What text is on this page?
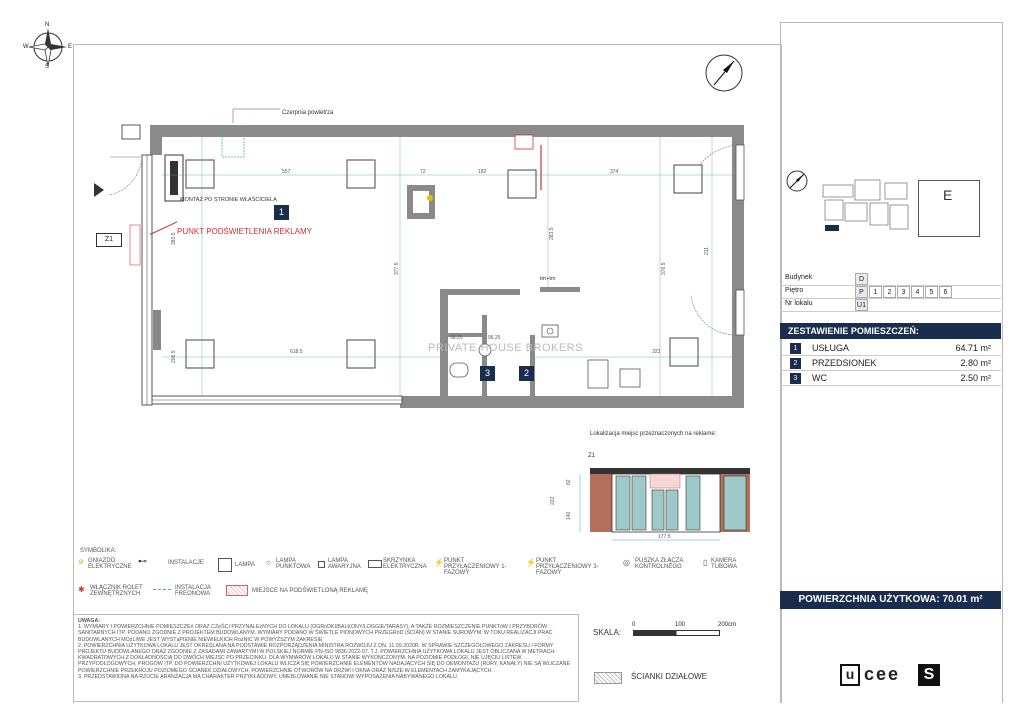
N
S
W	E
557	72	182	374
618.5	323
58.25	96.25
383.5	283.5
377.5	376.5
206.5
211
Czerpnia powietrza
MONTAŻ PO STRONIE WŁAŚCICIELA
PUNKT PODŚWIETLENIA REKLAMY
PRIVATE HOUSE BROKERS
Z1
1
3	2
tm+tm
Lokalizacja miejsc przeznaczonych na reklame:
Z1
177.5
222
82
140
SYMBOLIKA:
⊘ GNIAZDO ELEKTRYCZNE
⊷	INSTALACJE	LAMPA ○ LAMPA PUNKTOWA
LAMPA AWARYJNA
SKRZYNKA ELEKTRYCZNA ⚡ PUNKT PRZYŁĄCZENIOWY 1-FAZOWY
⚡ PUNKT PRZYŁĄCZENIOWY 3-FAZOWY
◎ PUSZKA ZŁĄCZA KONTROLNEGO	▯ KAMERA TUBOWA
✱ WŁĄCZNIK ROLET ZEWNĘTRZNYCH
INSTALACJA FREONOWA	MIEJSCE NA PODŚWIETLONĄ REKLAMĘ
UWAGA:
1. WYMIARY I POWIERZCHNIE POMIESZCZEń ORAZ CZęŚCI PRZYNALEżNYCH DO LOKALU (OGRóDKI/BALKONY/LOGGIE/TARASY), A TAKŻE ROZMIESZCZENIE PUNKTóW I PRZYBORÓW SANITARNYCH ITP. PODANO ZGODNIE Z PROJEKTEM BUDOWLANYM. WYMIARY PODANO W ŚWIETLE PIONOWYCH PRZEGRóD (ŚCIAN) W STANIE SUROWYM. W TOKU REALIZACJI PRAC BUDOWLANYCH MOżLIWE JEST WYSTąPIENIE NIEWIELKICH RóżNIC W POWYŻSZYM ZAKRESIE
2. POWIERZCHNIA UŻYTKOWA LOKALU JEST OKREŚLANA NA PODSTAWIE ROZPORZĄDZENIA MINISTRA ROZWOJU Z DN. 11.09.2020R. W SPRAWIE SZCZEGÓŁOWEGO ZAKRESU I FORMY PROJEKTU BUDOWLANEGO ORAZ ZGODNIE Z ZASADAMI ZAWARTYMI W POLSKIEJ NORMIE PN-ISO 9836:2022-07. T.J. POWIERZCHNIA UŻYTKOWA LOKALU JEST OBLICZANA W METRACH KWADRATOWYCH Z DOKŁADNOŚCIĄ DO DWÓCH MIEJSC PO PRZECINKU, DLA WYMIARÓW LOKALU W STANIE WYKOŃCZONYM, NA POZIOMIE PODŁOGI, NIE UJĘCIU LISTEW PRZYPODŁOGOWYCH, PROGÓW ITP. DO POWIERZCHNI UŻYTKOWEJ LOKALU WLICZA SIĘ POWIERZCHNIE ELEMENTÓW NADAJĄCYCH SIĘ DO DEMONTAŻU (RURY, KANAŁY) NIE SĄ WLICZANE POWIERZCHNIE PRZEKROJU POZIOMEGO ŚCIANEK DZIAŁOWYCH, POWIERZCHNIE OTWORÓW NA DRZWI I OKNA ORAZ NISZE W ELEMENTACH ZAMYKAJĄCYCH.
3. PRZEDSTAWIONA NA RZUCIE ARANŻACJA MA CHARAKTER PRZYKŁADOWY, UMEBLOWANIE NIE STANOWI WYPOSAŻENIA NABYWANEGO LOKALU.
SKALA:
0	100	200cm
ŚCIANKI DZIAŁOWE
E
Budynek	D
Piętro	P	1	2	3	4	5	6
Nr lokalu	U1
ZESTAWIENIE POMIESZCZEŃ:
1	USŁUGA	64.71 m²
2	PRZEDSIONEK	2.80 m²
3	WC	2.50 m²
POWIERZCHNIA UŻYTKOWA: 70.01 m²
u cee	S
